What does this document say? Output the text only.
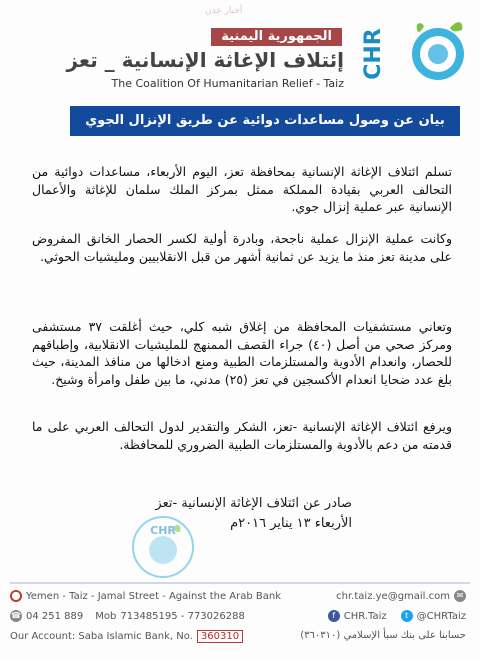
أخبار عدن
CHR
الجمهورية اليمنية
إئتلاف الإغاثة الإنسانية _ تعز
The Coalition Of Humanitarian Relief - Taiz
بيان عن وصول مساعدات دوائية عن طريق الإنزال الجوي

تسلم ائتلاف الإغاثة الإنسانية بمحافظة تعز، اليوم الأربعاء، مساعدات دوائية من التحالف العربي بقيادة المملكة ممثل بمركز الملك سلمان للإغاثة والأعمال الإنسانية عبر عملية إنزال جوي.

وكانت عملية الإنزال عملية ناجحة، وبادرة أولية لكسر الحصار الخانق المفروض على مدينة تعز منذ ما يزيد عن ثمانية أشهر من قبل الانقلابيين ومليشيات الحوثي.

وتعاني مستشفيات المحافظة من إغلاق شبه كلي، حيث أغلقت ٣٧ مستشفى ومركز صحي من أصل (٤٠) جراء القصف الممنهج للمليشيات الانقلابية، وإطباقهم للحصار، وانعدام الأدوية والمستلزمات الطبية ومنع ادخالها من منافذ المدينة، حيث بلغ عدد ضحايا انعدام الأكسجين في تعز (٢٥) مدني، ما بين طفل وامرأة وشيخ.

ويرفع ائتلاف الإغاثة الإنسانية -تعز، الشكر والتقدير لدول التحالف العربي على ما قدمته من دعم بالأدوية والمستلزمات الطبية الضروري للمحافظة.

صادر عن ائتلاف الإغاثة الإنسانية -تعز
الأربعاء ١٣ يناير ٢٠١٦م
CHR
⬤ Yemen - Taiz - Jamal Street - Against the Arab Bank
☎ 04 251 889 Mob 713485195 - 773026288
Our Account: Saba Islamic Bank, No. 360310
chr.taiz.ye@gmail.com ✉
f CHR.Taiz	t @CHRTaiz
حسابنا على بنك سبأ الإسلامي (٣٦٠٣١٠)
